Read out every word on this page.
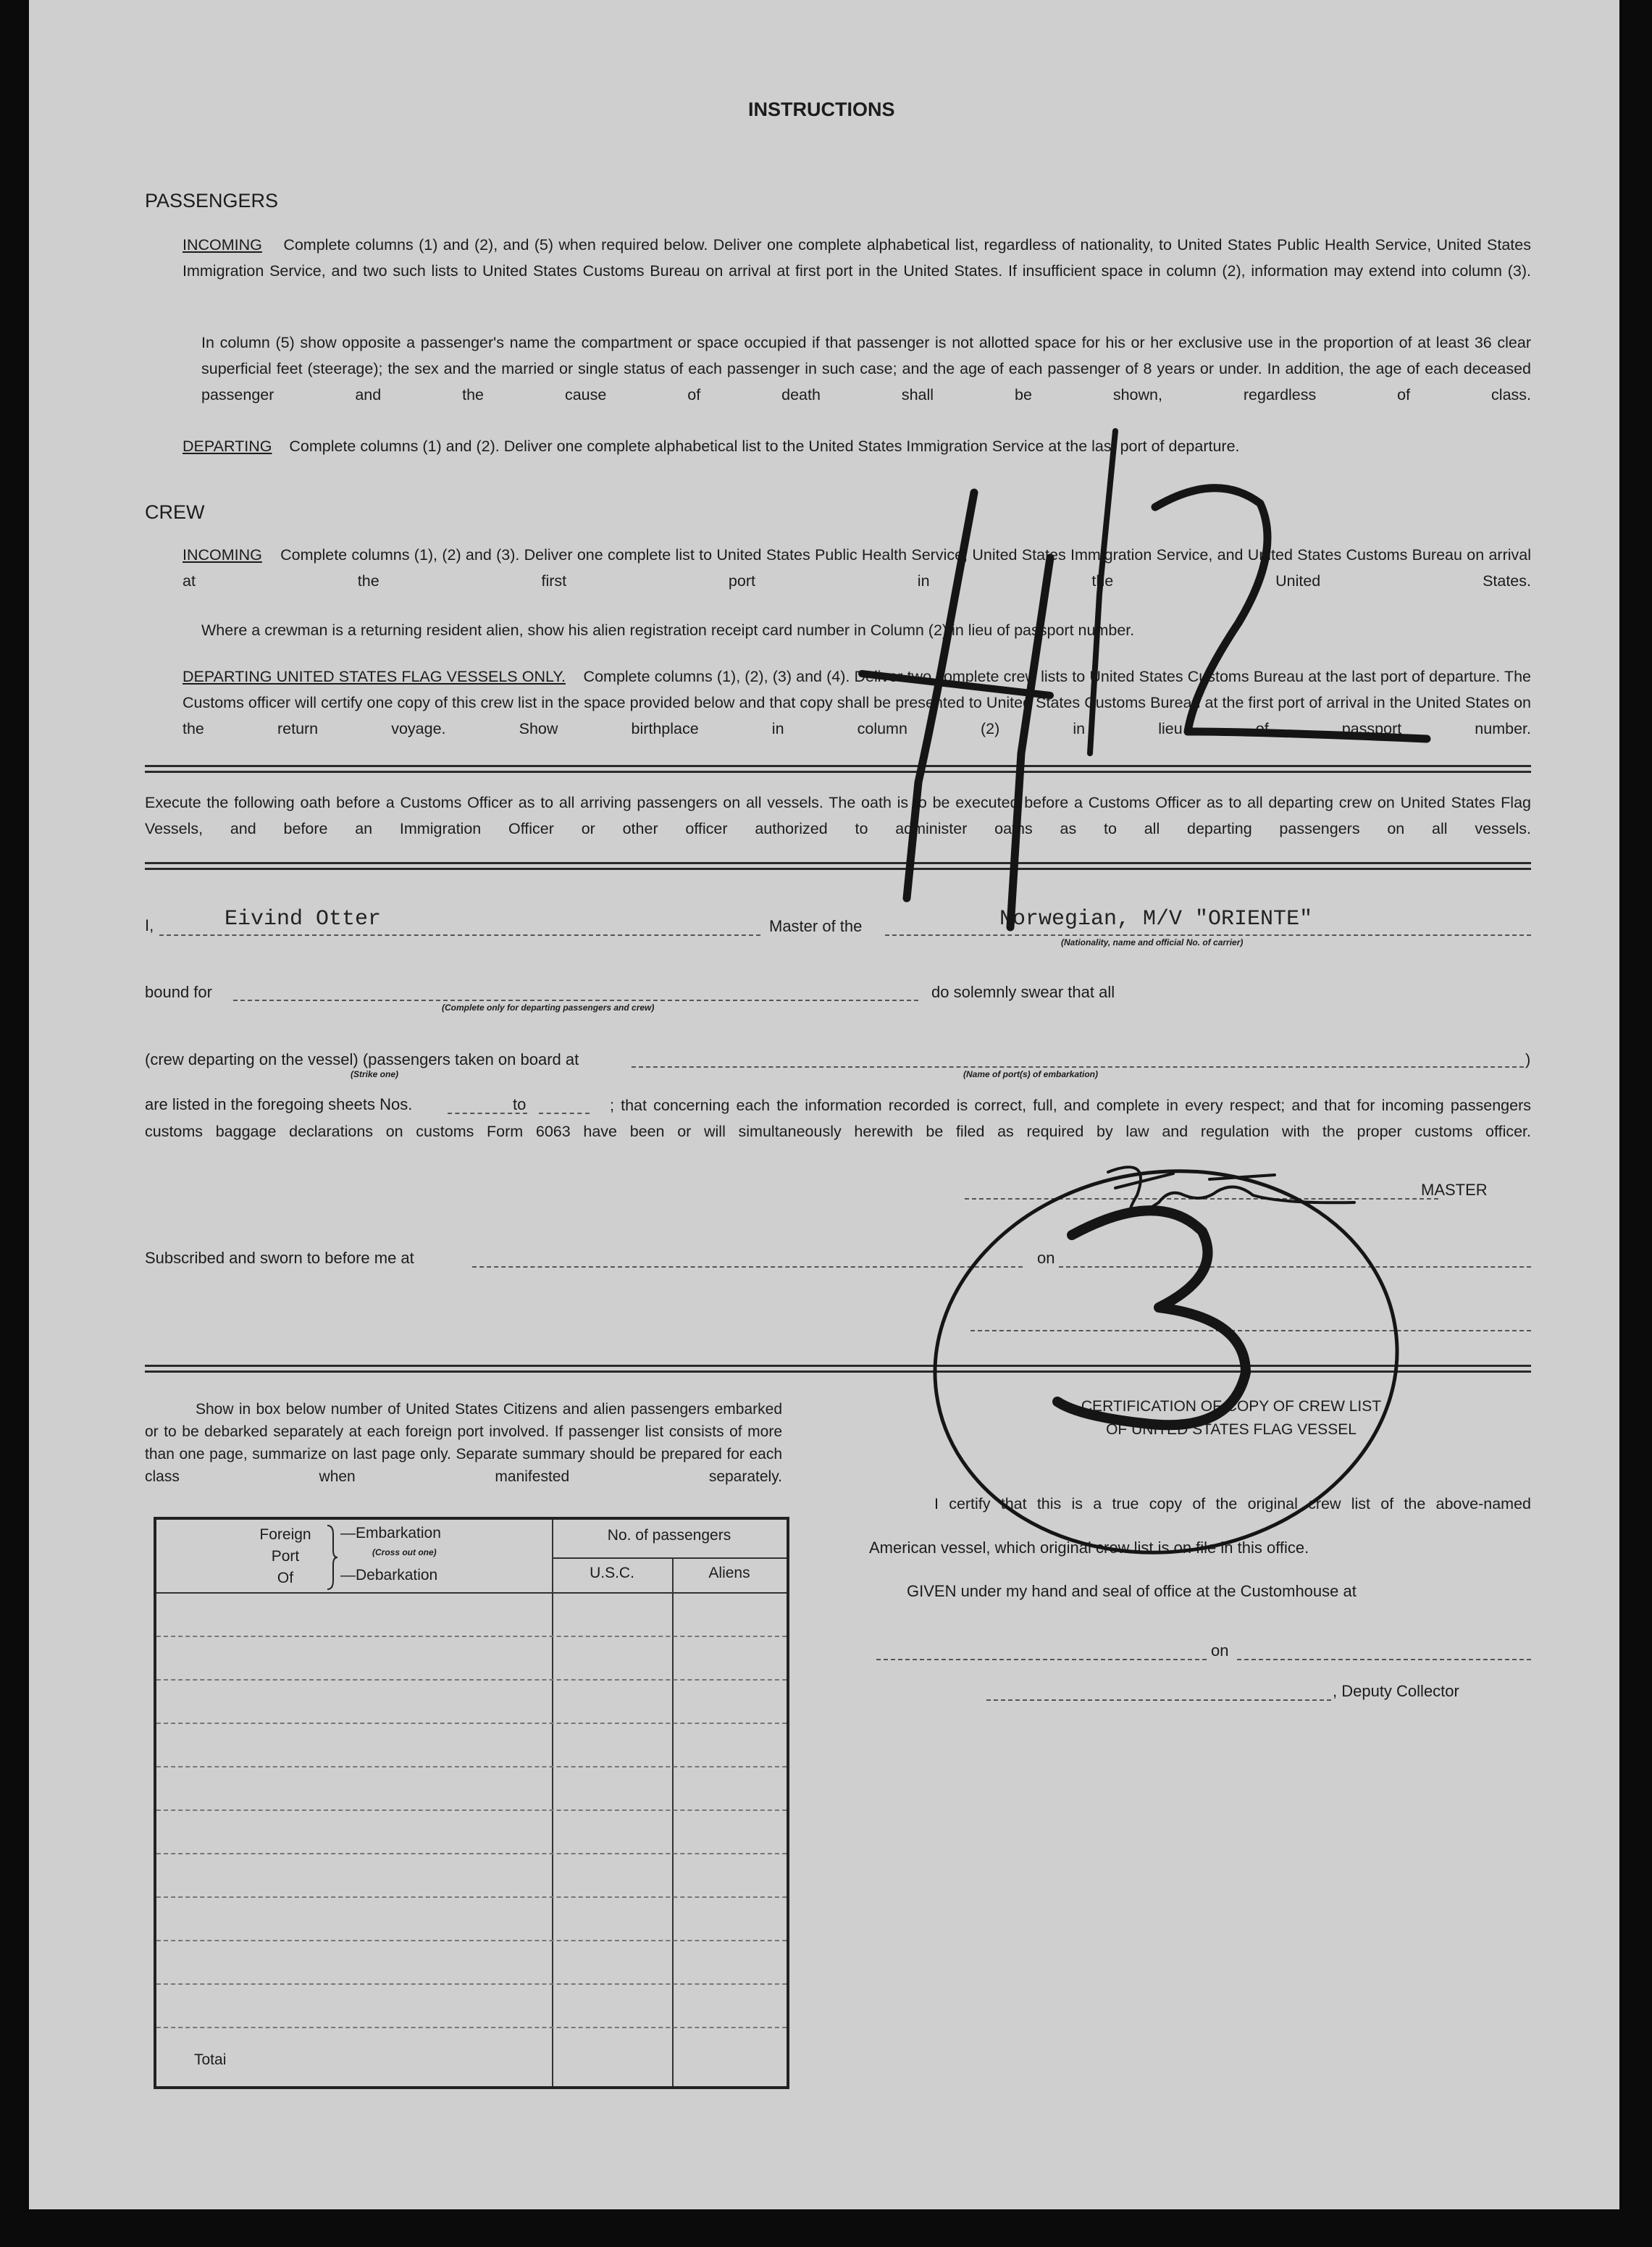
INSTRUCTIONS
PASSENGERS

INCOMING Complete columns (1) and (2), and (5) when required below. Deliver one complete alphabetical list, regardless of nationality, to United States Public Health Service, United States Immigration Service, and two such lists to United States Customs Bureau on arrival at first port in the United States. If insufficient space in column (2), information may extend into column (3).

In column (5) show opposite a passenger's name the compartment or space occupied if that passenger is not allotted space for his or her exclusive use in the proportion of at least 36 clear superficial feet (steerage); the sex and the married or single status of each passenger in such case; and the age of each passenger of 8 years or under. In addition, the age of each deceased passenger and the cause of death shall be shown, regardless of class.

DEPARTING Complete columns (1) and (2). Deliver one complete alphabetical list to the United States Immigration Service at the last port of departure.

CREW

INCOMING Complete columns (1), (2) and (3). Deliver one complete list to United States Public Health Service, United States Immigration Service, and United States Customs Bureau on arrival at the first port in the United States.

Where a crewman is a returning resident alien, show his alien registration receipt card number in Column (2) in lieu of passport number.

DEPARTING UNITED STATES FLAG VESSELS ONLY. Complete columns (1), (2), (3) and (4). Deliver two complete crew lists to United States Customs Bureau at the last port of departure. The Customs officer will certify one copy of this crew list in the space provided below and that copy shall be presented to United States Customs Bureau at the first port of arrival in the United States on the return voyage. Show birthplace in column (2) in lieu of passport number.

Execute the following oath before a Customs Officer as to all arriving passengers on all vessels. The oath is to be executed before a Customs Officer as to all departing crew on United States Flag Vessels, and before an Immigration Officer or other officer authorized to administer oaths as to all departing passengers on all vessels.

I,	Eivind Otter	Master of the	Norwegian, M/V "ORIENTE"
(Nationality, name and official No. of carrier)
bound for
(Complete only for departing passengers and crew)
do solemnly swear that all
(crew departing on the vessel) (passengers taken on board at	)
(Strike one)	(Name of port(s) of embarkation)
are listed in the foregoing sheets Nos.	to	; that concerning each the information recorded is correct, full, and complete in every respect; and that for incoming passengers customs baggage declarations on customs Form 6063 have been or will simultaneously herewith be filed as required by law and regulation with the proper customs officer.

MASTER
Subscribed and sworn to before me at	on

Show in box below number of United States Citizens and alien passengers embarked or to be debarked separately at each foreign port involved. If passenger list consists of more than one page, summarize on last page only. Separate summary should be prepared for each class when manifested separately.

Foreign
Port
Of
—Embarkation
(Cross out one)
—Debarkation
No. of passengers
U.S.C.	Aliens
Totai
CERTIFICATION OF COPY OF CREW LIST
OF UNITED STATES FLAG VESSEL

I certify that this is a true copy of the original crew list of the above-named

American vessel, which original crew list is on file in this office.
GIVEN under my hand and seal of office at the Customhouse at
on
, Deputy Collector
